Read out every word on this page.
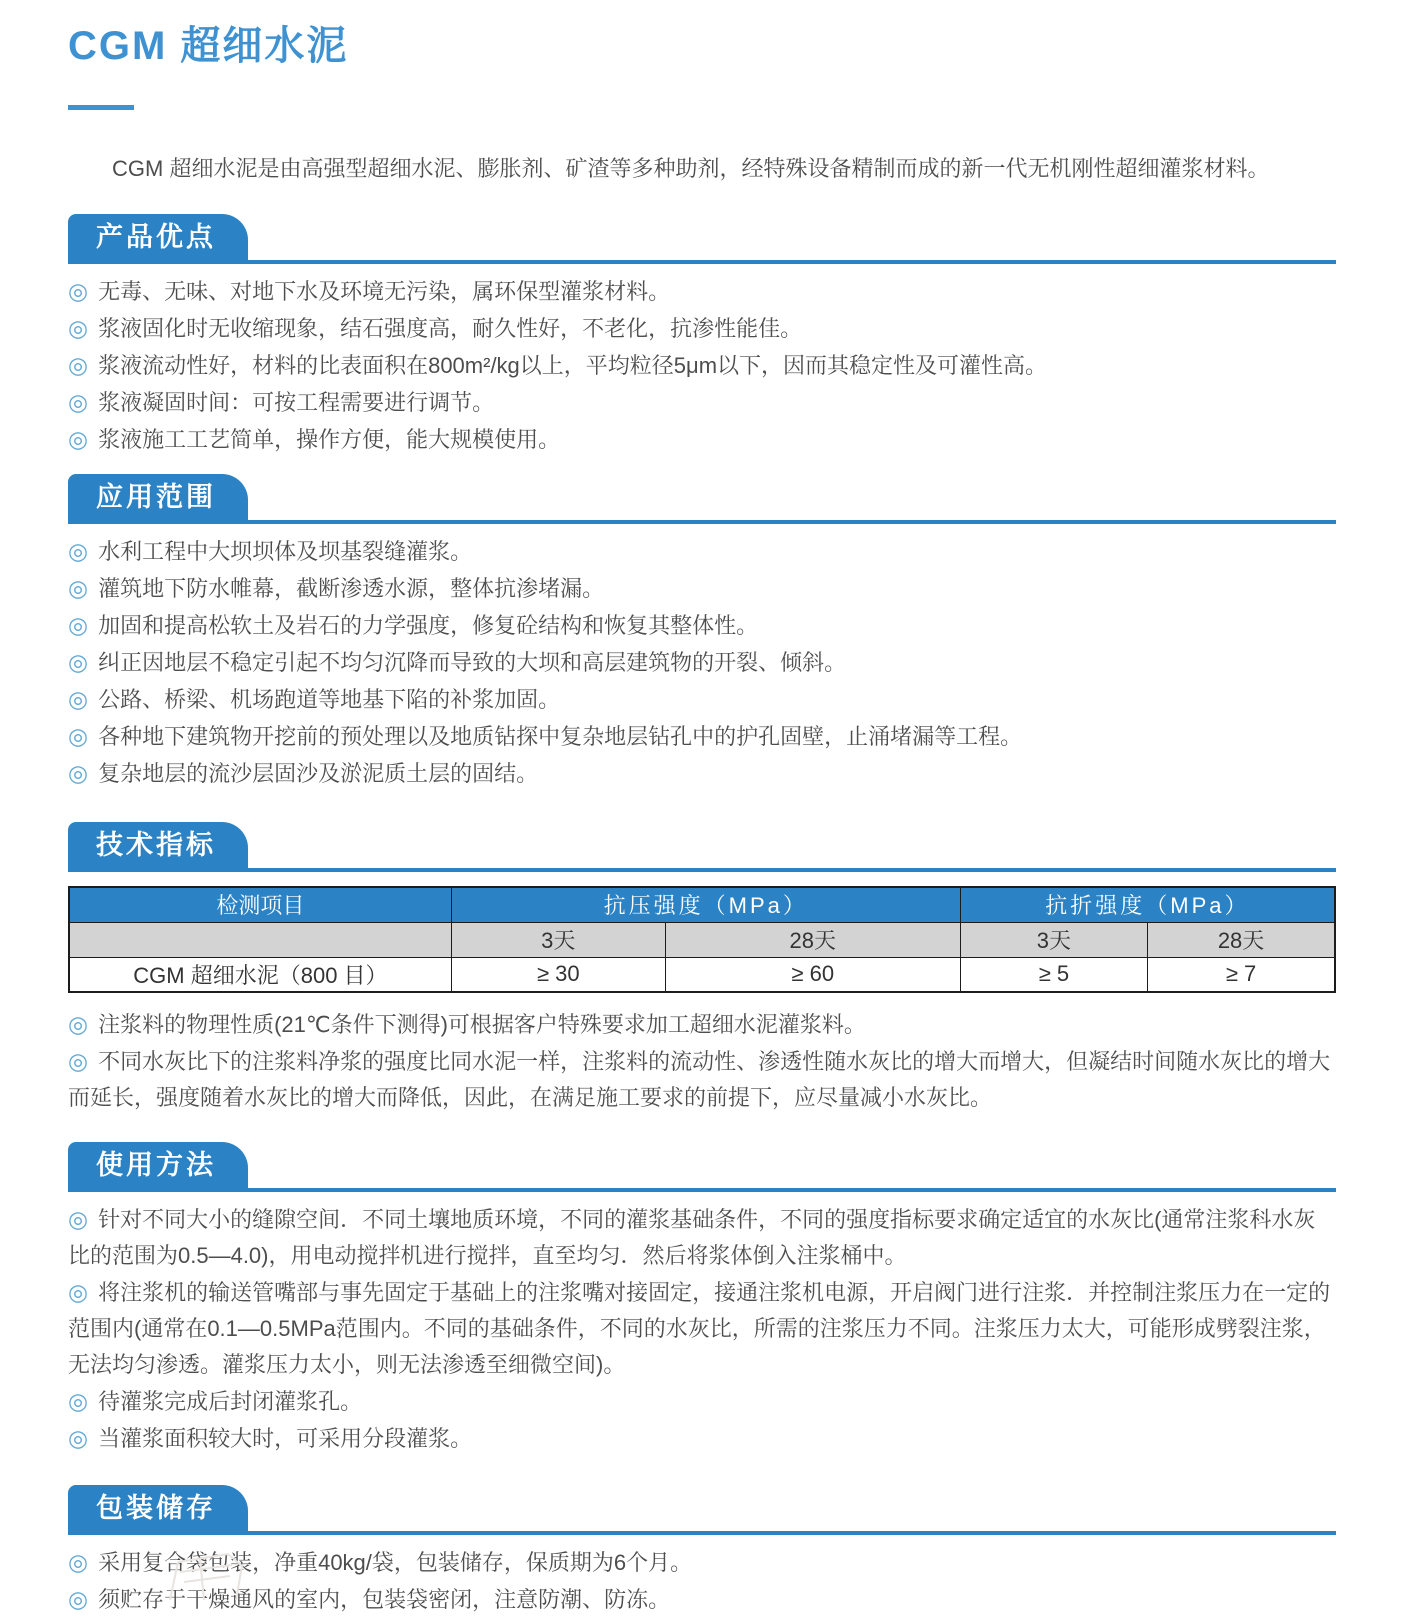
CGM 超细水泥

CGM 超细水泥是由高强型超细水泥、膨胀剂、矿渣等多种助剂，经特殊设备精制而成的新一代无机刚性超细灌浆材料。

产品优点
◎ 无毒、无味、对地下水及环境无污染，属环保型灌浆材料。
◎ 浆液固化时无收缩现象，结石强度高，耐久性好，不老化，抗渗性能佳。
◎ 浆液流动性好，材料的比表面积在800m²/kg以上，平均粒径5μm以下，因而其稳定性及可灌性高。
◎ 浆液凝固时间：可按工程需要进行调节。
◎ 浆液施工工艺简单，操作方便，能大规模使用。
应用范围
◎ 水利工程中大坝坝体及坝基裂缝灌浆。
◎ 灌筑地下防水帷幕，截断渗透水源，整体抗渗堵漏。
◎ 加固和提高松软土及岩石的力学强度，修复砼结构和恢复其整体性。
◎ 纠正因地层不稳定引起不均匀沉降而导致的大坝和高层建筑物的开裂、倾斜。
◎ 公路、桥梁、机场跑道等地基下陷的补浆加固。
◎ 各种地下建筑物开挖前的预处理以及地质钻探中复杂地层钻孔中的护孔固壁，止涌堵漏等工程。
◎ 复杂地层的流沙层固沙及淤泥质土层的固结。
技术指标
检测项目	抗压强度（MPa）		抗折强度（MPa）	
	3天	28天	3天	28天
CGM 超细水泥（800 目）	≥ 30	≥ 60	≥ 5	≥ 7
◎ 注浆料的物理性质(21℃条件下测得)可根据客户特殊要求加工超细水泥灌浆料。
◎ 不同水灰比下的注浆料净浆的强度比同水泥一样，注浆料的流动性、渗透性随水灰比的增大而增大，但凝结时间随水灰比的增大而延长，强度随着水灰比的增大而降低，因此，在满足施工要求的前提下，应尽量减小水灰比。
使用方法
◎ 针对不同大小的缝隙空间．不同土壤地质环境，不同的灌浆基础条件，不同的强度指标要求确定适宜的水灰比(通常注浆科水灰比的范围为0.5—4.0)，用电动搅拌机进行搅拌，直至均匀．然后将浆体倒入注浆桶中。
◎ 将注浆机的输送管嘴部与事先固定于基础上的注浆嘴对接固定，接通注浆机电源，开启阀门进行注浆．并控制注浆压力在一定的范围内(通常在0.1—0.5MPa范围内。不同的基础条件，不同的水灰比，所需的注浆压力不同。注浆压力太大，可能形成劈裂注浆，无法均匀渗透。灌浆压力太小，则无法渗透至细微空间)。
◎ 待灌浆完成后封闭灌浆孔。
◎ 当灌浆面积较大时，可采用分段灌浆。
包装储存
◎ 采用复合袋包装，净重40kg/袋，包装储存，保质期为6个月。
◎ 须贮存于干燥通风的室内，包装袋密闭，注意防潮、防冻。
